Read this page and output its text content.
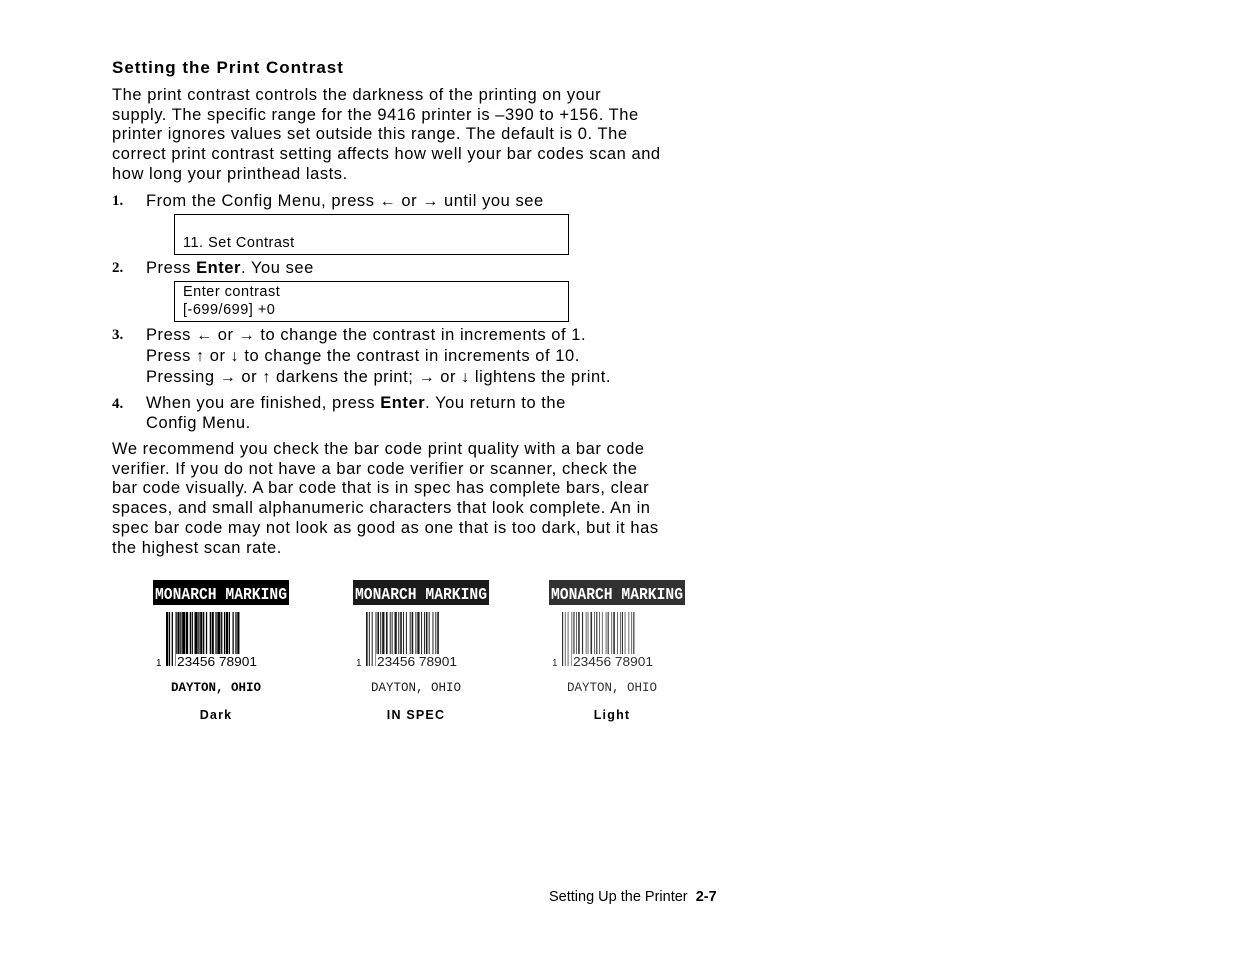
Setting the Print Contrast
The print contrast controls the darkness of the printing on your
supply. The specific range for the 9416 printer is –390 to +156. The
printer ignores values set outside this range. The default is 0. The
correct print contrast setting affects how well your bar codes scan and
how long your printhead lasts.
1. From the Config Menu, press ← or → until you see
11. Set Contrast
2. Press Enter. You see
Enter contrast
[-699/699] +0
3. Press ← or → to change the contrast in increments of 1.
Press ↑ or ↓ to change the contrast in increments of 10.
Pressing → or ↑ darkens the print; → or ↓ lightens the print.
4. When you are finished, press Enter. You return to the
Config Menu.
We recommend you check the bar code print quality with a bar code
verifier. If you do not have a bar code verifier or scanner, check the
bar code visually. A bar code that is in spec has complete bars, clear
spaces, and small alphanumeric characters that look complete. An in
spec bar code may not look as good as one that is too dark, but it has
the highest scan rate.
MONARCH MARKING
1 23456 78901
DAYTON, OHIO
Dark
MONARCH MARKING
1 23456 78901
DAYTON, OHIO
IN SPEC
MONARCH MARKING
1 23456 78901
DAYTON, OHIO
Light
Setting Up the Printer 2-7
